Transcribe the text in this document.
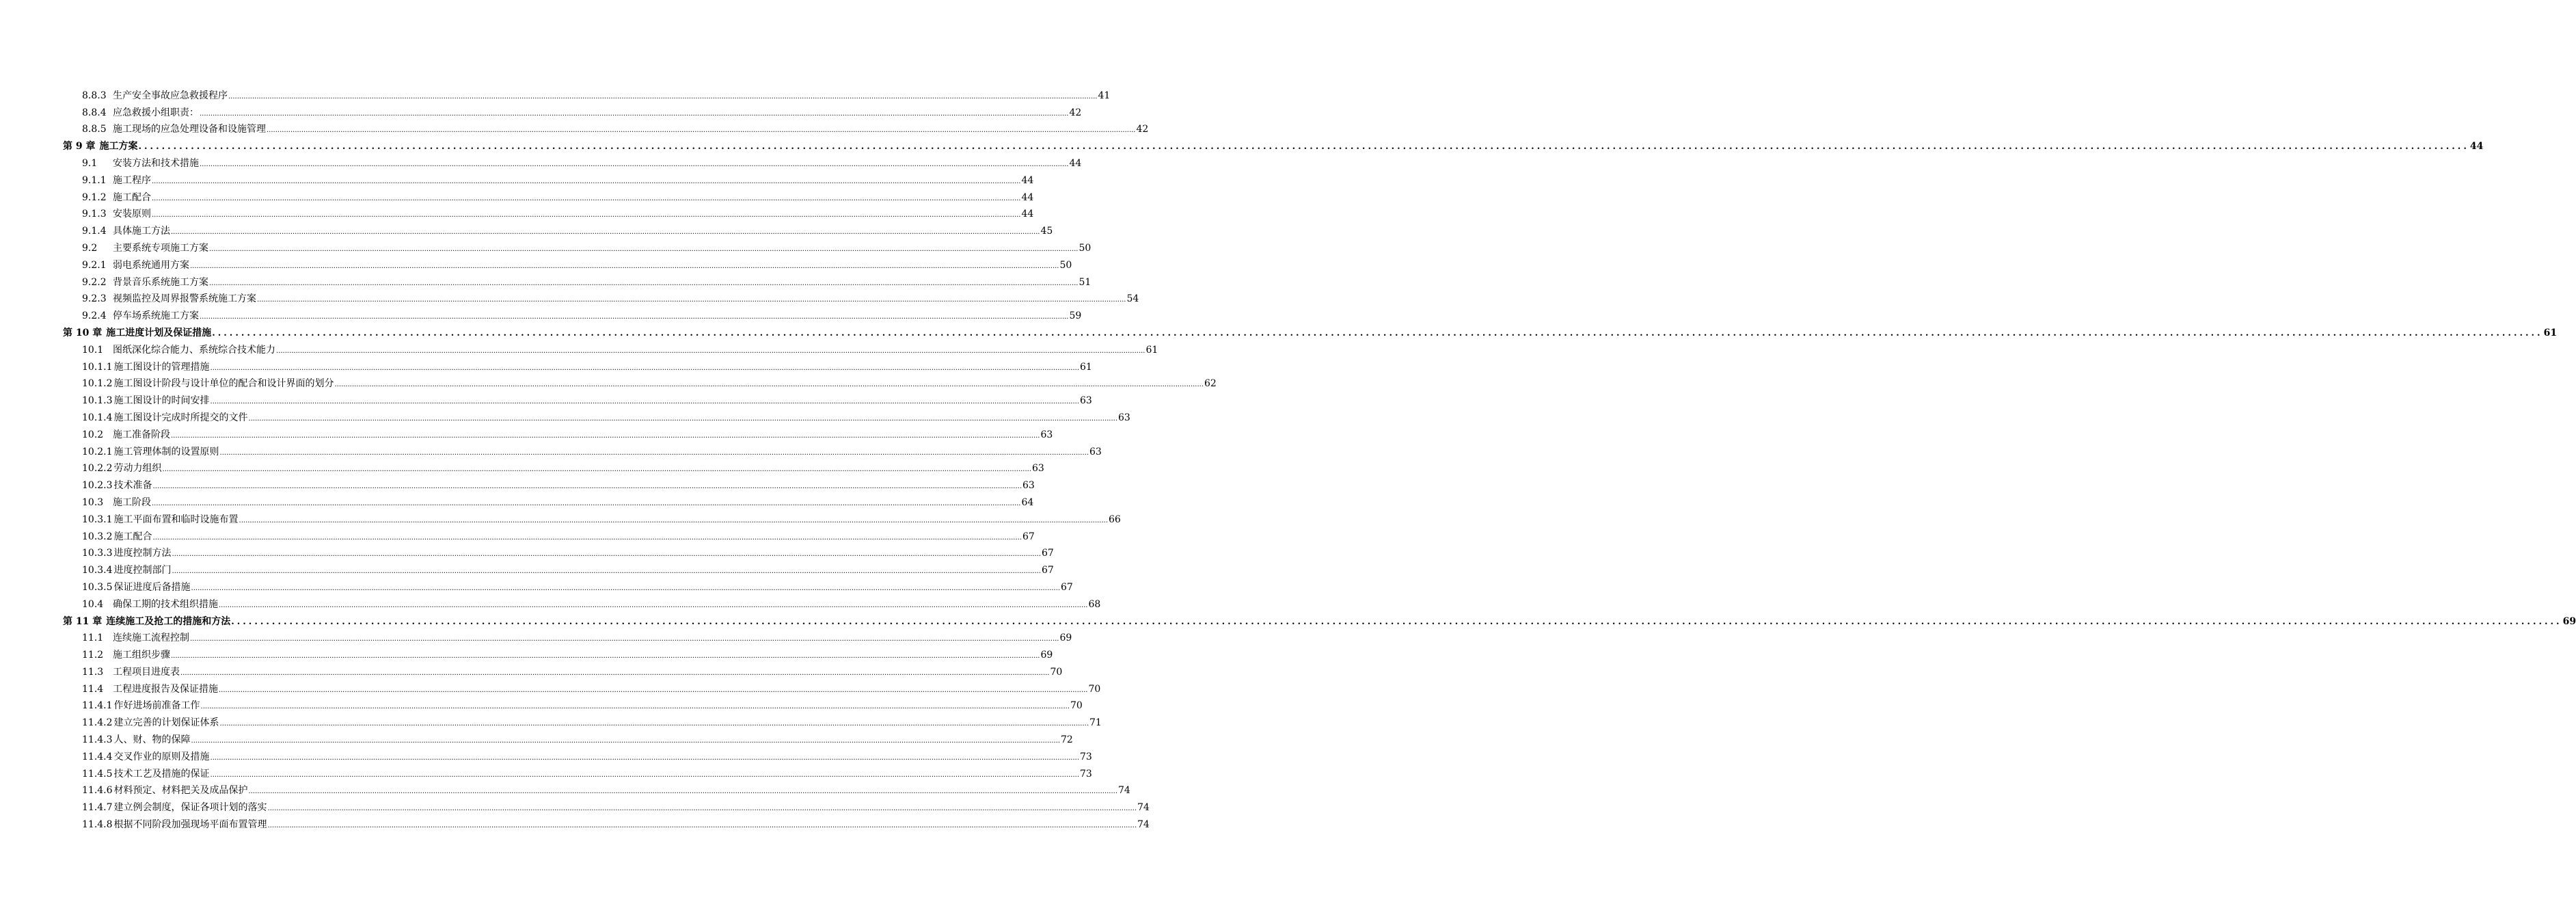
8.8.3 生产安全事故应急救援程序 ................................................................................................................................................................................................................................................................................................................................................................................................................ 41
8.8.4 应急救援小组职责： ................................................................................................................................................................................................................................................................................................................................................................................................................ 42
8.8.5 施工现场的应急处理设备和设施管理 ................................................................................................................................................................................................................................................................................................................................................................................................................ 42
第 9 章 施工方案 ................................................................................................................................................................................................................................................................................................................................................................................................................ 44
9.1	安装方法和技术措施 ................................................................................................................................................................................................................................................................................................................................................................................................................ 44
9.1.1 施工程序 ................................................................................................................................................................................................................................................................................................................................................................................................................ 44
9.1.2 施工配合 ................................................................................................................................................................................................................................................................................................................................................................................................................ 44
9.1.3 安装原则 ................................................................................................................................................................................................................................................................................................................................................................................................................ 44
9.1.4 具体施工方法 ................................................................................................................................................................................................................................................................................................................................................................................................................ 45
9.2	主要系统专项施工方案 ................................................................................................................................................................................................................................................................................................................................................................................................................ 50
9.2.1 弱电系统通用方案 ................................................................................................................................................................................................................................................................................................................................................................................................................ 50
9.2.2 背景音乐系统施工方案 ................................................................................................................................................................................................................................................................................................................................................................................................................ 51
9.2.3 视频监控及周界报警系统施工方案 ................................................................................................................................................................................................................................................................................................................................................................................................................ 54
9.2.4 停车场系统施工方案 ................................................................................................................................................................................................................................................................................................................................................................................................................ 59
第 10 章 施工进度计划及保证措施 ................................................................................................................................................................................................................................................................................................................................................................................................................ 61
10.1 图纸深化综合能力、系统综合技术能力 ................................................................................................................................................................................................................................................................................................................................................................................................................ 61
10.1.1 施工图设计的管理措施 ................................................................................................................................................................................................................................................................................................................................................................................................................ 61
10.1.2 施工图设计阶段与设计单位的配合和设计界面的划分 ................................................................................................................................................................................................................................................................................................................................................................................................................ 62
10.1.3 施工图设计的时间安排 ................................................................................................................................................................................................................................................................................................................................................................................................................ 63
10.1.4 施工图设计完成时所提交的文件 ................................................................................................................................................................................................................................................................................................................................................................................................................ 63
10.2 施工准备阶段 ................................................................................................................................................................................................................................................................................................................................................................................................................ 63
10.2.1 施工管理体制的设置原则 ................................................................................................................................................................................................................................................................................................................................................................................................................ 63
10.2.2 劳动力组织 ................................................................................................................................................................................................................................................................................................................................................................................................................ 63
10.2.3 技术准备 ................................................................................................................................................................................................................................................................................................................................................................................................................ 63
10.3 施工阶段 ................................................................................................................................................................................................................................................................................................................................................................................................................ 64
10.3.1 施工平面布置和临时设施布置 ................................................................................................................................................................................................................................................................................................................................................................................................................ 66
10.3.2 施工配合 ................................................................................................................................................................................................................................................................................................................................................................................................................ 67
10.3.3 进度控制方法 ................................................................................................................................................................................................................................................................................................................................................................................................................ 67
10.3.4 进度控制部门 ................................................................................................................................................................................................................................................................................................................................................................................................................ 67
10.3.5 保证进度后备措施 ................................................................................................................................................................................................................................................................................................................................................................................................................ 67
10.4 确保工期的技术组织措施 ................................................................................................................................................................................................................................................................................................................................................................................................................ 68
第 11 章 连续施工及抢工的措施和方法 ................................................................................................................................................................................................................................................................................................................................................................................................................ 69
11.1 连续施工流程控制 ................................................................................................................................................................................................................................................................................................................................................................................................................ 69
11.2 施工组织步骤 ................................................................................................................................................................................................................................................................................................................................................................................................................ 69
11.3 工程项目进度表 ................................................................................................................................................................................................................................................................................................................................................................................................................ 70
11.4 工程进度报告及保证措施 ................................................................................................................................................................................................................................................................................................................................................................................................................ 70
11.4.1 作好进场前准备工作 ................................................................................................................................................................................................................................................................................................................................................................................................................ 70
11.4.2 建立完善的计划保证体系 ................................................................................................................................................................................................................................................................................................................................................................................................................ 71
11.4.3 人、财、物的保障 ................................................................................................................................................................................................................................................................................................................................................................................................................ 72
11.4.4 交叉作业的原则及措施 ................................................................................................................................................................................................................................................................................................................................................................................................................ 73
11.4.5 技术工艺及措施的保证 ................................................................................................................................................................................................................................................................................................................................................................................................................ 73
11.4.6 材料预定、材料把关及成品保护 ................................................................................................................................................................................................................................................................................................................................................................................................................ 74
11.4.7 建立例会制度，保证各项计划的落实 ................................................................................................................................................................................................................................................................................................................................................................................................................ 74
11.4.8 根据不同阶段加强现场平面布置管理 ................................................................................................................................................................................................................................................................................................................................................................................................................ 74
